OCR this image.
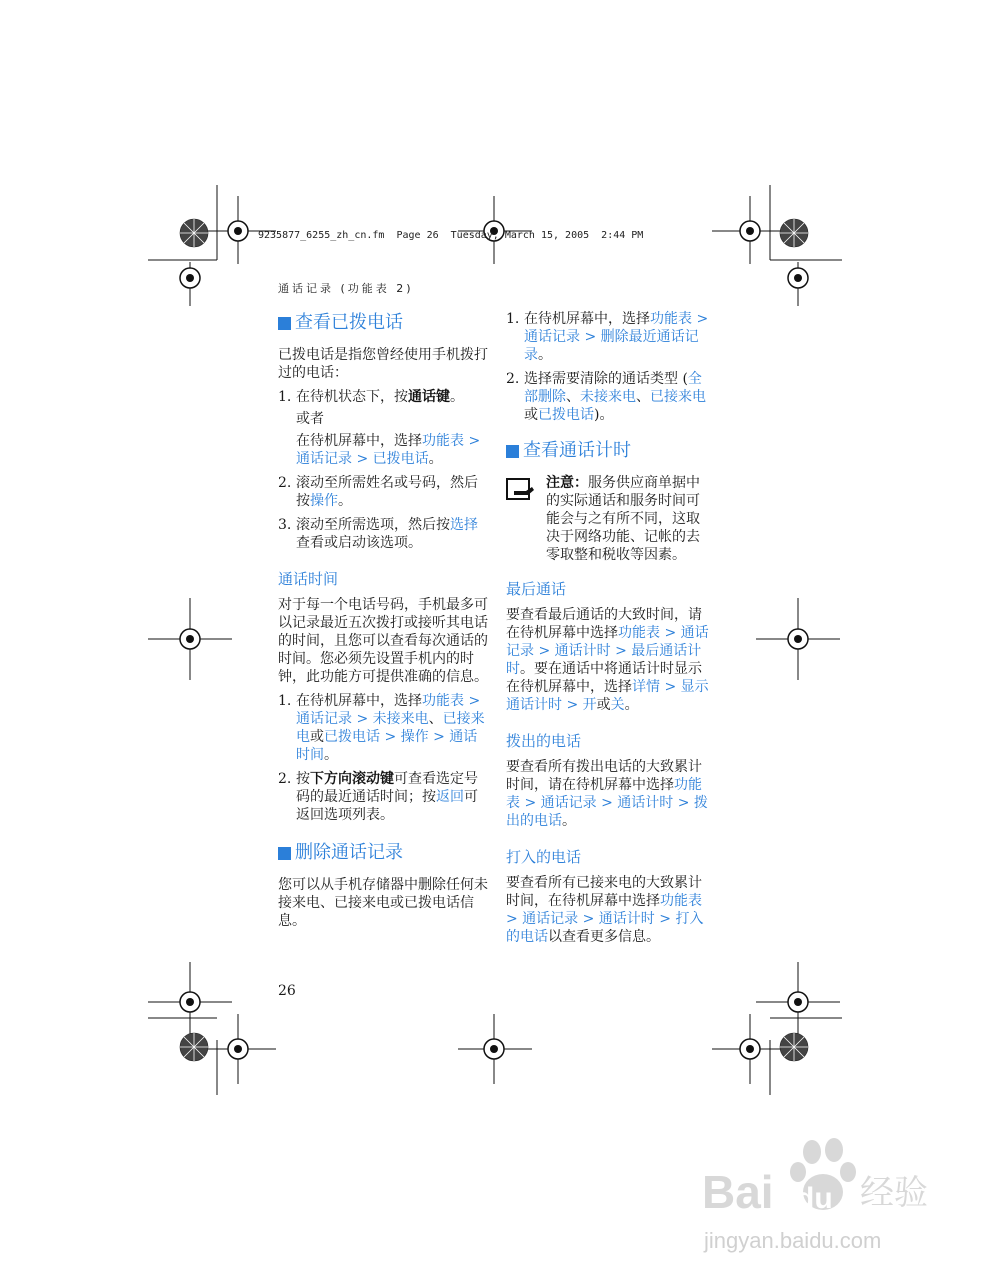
9235877_6255_zh_cn.fm  Page 26  Tuesday, March 15, 2005  2:44 PM
通话记录 (功能表 2)
查看已拨电话

已拨电话是指您曾经使用手机拨打过的电话：

1. 在待机状态下，按通话键。
或者
在待机屏幕中，选择功能表 > 通话记录 > 已拨电话。
2. 滚动至所需姓名或号码，然后按操作。
3. 滚动至所需选项，然后按选择查看或启动该选项。
通话时间

对于每一个电话号码，手机最多可以记录最近五次拨打或接听其电话的时间，且您可以查看每次通话的时间。您必须先设置手机内的时钟，此功能方可提供准确的信息。

1. 在待机屏幕中，选择功能表 > 通话记录 > 未接来电、已接来电或已拨电话 > 操作 > 通话时间。
2. 按下方向滚动键可查看选定号码的最近通话时间；按返回可返回选项列表。
删除通话记录

您可以从手机存储器中删除任何未接来电、已接来电或已拨电话信息。

1. 在待机屏幕中，选择功能表 > 通话记录 > 删除最近通话记录。
2. 选择需要清除的通话类型 (全部删除、未接来电、已接来电或已拨电话)。
查看通话计时
注意：服务供应商单据中的实际通话和服务时间可能会与之有所不同，这取决于网络功能、记帐的去零取整和税收等因素。
最后通话

要查看最后通话的大致时间，请在待机屏幕中选择功能表 > 通话记录 > 通话计时 > 最后通话计时。要在通话中将通话计时显示在待机屏幕中，选择详情 > 显示通话计时 > 开或关。

拨出的电话

要查看所有拨出电话的大致累计时间，请在待机屏幕中选择功能表 > 通话记录 > 通话计时 > 拨出的电话。

打入的电话

要查看所有已接来电的大致累计时间，在待机屏幕中选择功能表 > 通话记录 > 通话计时 > 打入的电话以查看更多信息。

26
Bai du 经验
jingyan.baidu.com
